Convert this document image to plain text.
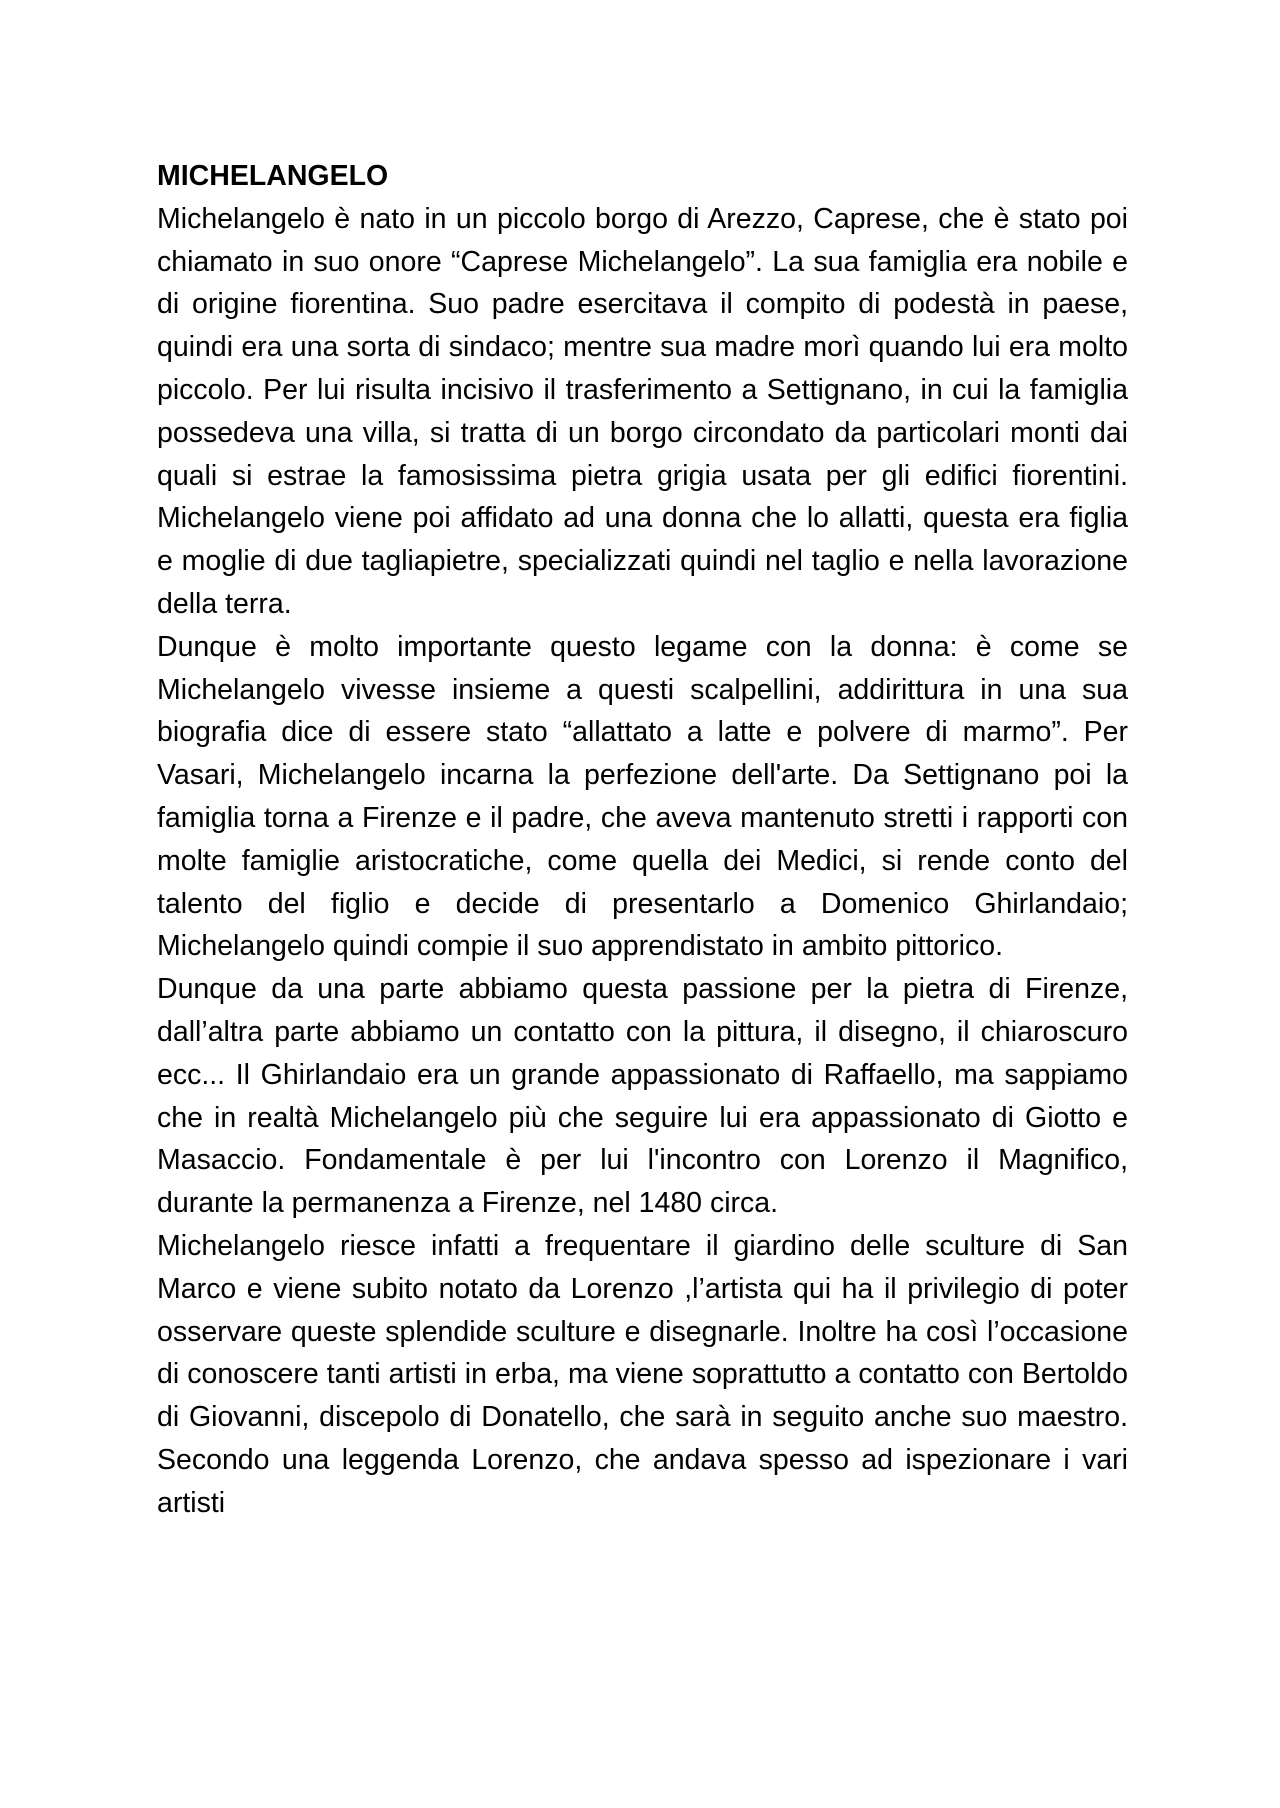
MICHELANGELO

Michelangelo è nato in un piccolo borgo di Arezzo, Caprese, che è stato poi chiamato in suo onore “Caprese Michelangelo”. La sua famiglia era nobile e di origine fiorentina. Suo padre esercitava il compito di podestà in paese, quindi era una sorta di sindaco; mentre sua madre morì quando lui era molto piccolo. Per lui risulta incisivo il trasferimento a Settignano, in cui la famiglia possedeva una villa, si tratta di un borgo circondato da particolari monti dai quali si estrae la famosissima pietra grigia usata per gli edifici fiorentini. Michelangelo viene poi affidato ad una donna che lo allatti, questa era figlia e moglie di due tagliapietre, specializzati quindi nel taglio e nella lavorazione della terra.

Dunque è molto importante questo legame con la donna: è come se Michelangelo vivesse insieme a questi scalpellini, addirittura in una sua biografia dice di essere stato “allattato a latte e polvere di marmo”. Per Vasari, Michelangelo incarna la perfezione dell'arte. Da Settignano poi la famiglia torna a Firenze e il padre, che aveva mantenuto stretti i rapporti con molte famiglie aristocratiche, come quella dei Medici, si rende conto del talento del figlio e decide di presentarlo a Domenico Ghirlandaio; Michelangelo quindi compie il suo apprendistato in ambito pittorico.

Dunque da una parte abbiamo questa passione per la pietra di Firenze, dall’altra parte abbiamo un contatto con la pittura, il disegno, il chiaroscuro ecc... Il Ghirlandaio era un grande appassionato di Raffaello, ma sappiamo che in realtà Michelangelo più che seguire lui era appassionato di Giotto e Masaccio. Fondamentale è per lui l'incontro con Lorenzo il Magnifico, durante la permanenza a Firenze, nel 1480 circa.

Michelangelo riesce infatti a frequentare il giardino delle sculture di San Marco e viene subito notato da Lorenzo ,l’artista qui ha il privilegio di poter osservare queste splendide sculture e disegnarle. Inoltre ha così l’occasione di conoscere tanti artisti in erba, ma viene soprattutto a contatto con Bertoldo di Giovanni, discepolo di Donatello, che sarà in seguito anche suo maestro. Secondo una leggenda Lorenzo, che andava spesso ad ispezionare i vari artisti
